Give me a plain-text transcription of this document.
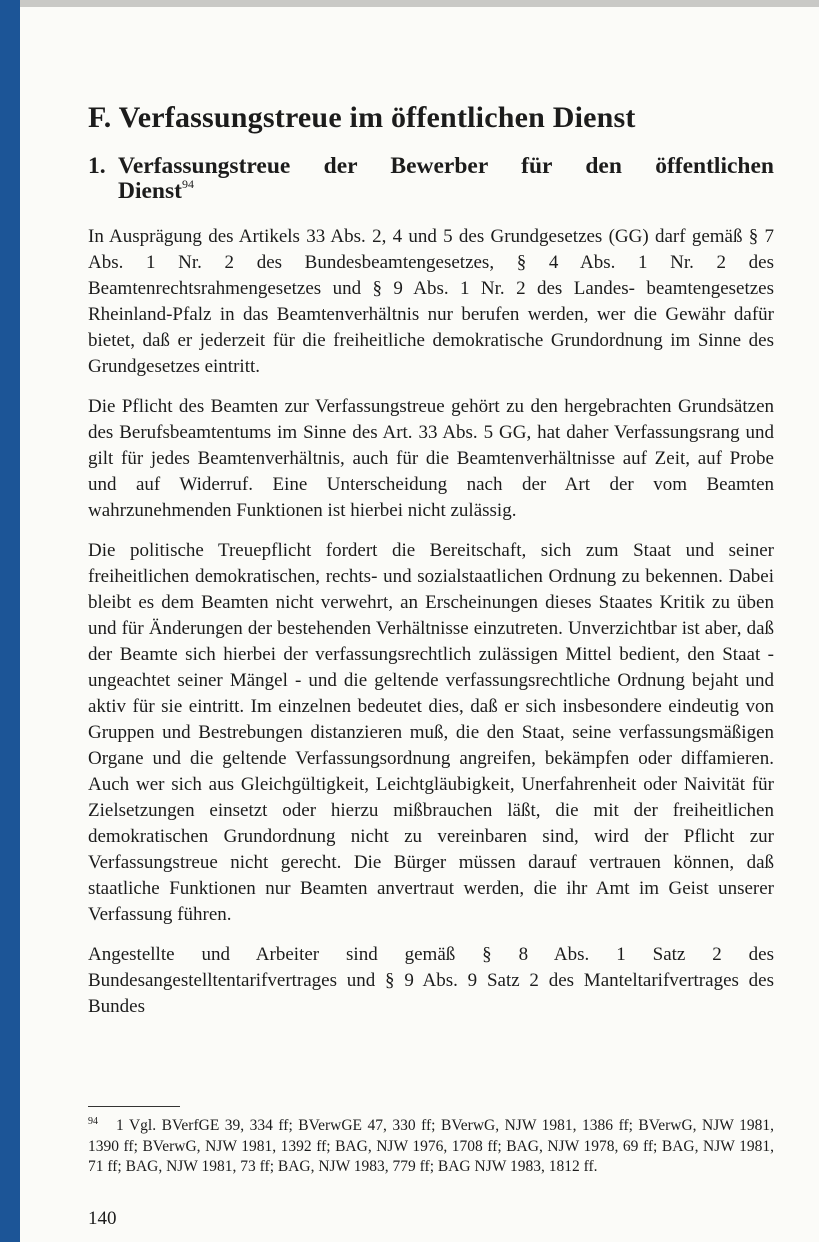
F. Verfassungstreue im öffentlichen Dienst
1. Verfassungstreue der Bewerber für den öffentlichen
Dienst$^{94}$

In Ausprägung des Artikels 33 Abs. 2, 4 und 5 des Grundgesetzes (GG) darf gemäß § 7 Abs. 1 Nr. 2 des Bundesbeamtengesetzes, § 4 Abs. 1 Nr. 2 des Beamtenrechtsrahmengesetzes und § 9 Abs. 1 Nr. 2 des Landes- beamtengesetzes Rheinland-Pfalz in das Beamtenverhältnis nur berufen werden, wer die Gewähr dafür bietet, daß er jederzeit für die freiheitliche demokratische Grundordnung im Sinne des Grundgesetzes eintritt.

Die Pflicht des Beamten zur Verfassungstreue gehört zu den hergebrachten Grundsätzen des Berufsbeamtentums im Sinne des Art. 33 Abs. 5 GG, hat daher Verfassungsrang und gilt für jedes Beamtenverhältnis, auch für die Beamtenverhältnisse auf Zeit, auf Probe und auf Widerruf. Eine Unterscheidung nach der Art der vom Beamten wahrzunehmenden Funktionen ist hierbei nicht zulässig.

Die politische Treuepflicht fordert die Bereitschaft, sich zum Staat und seiner freiheitlichen demokratischen, rechts- und sozialstaatlichen Ordnung zu bekennen. Dabei bleibt es dem Beamten nicht verwehrt, an Erscheinungen dieses Staates Kritik zu üben und für Änderungen der bestehenden Verhältnisse einzutreten. Unverzichtbar ist aber, daß der Beamte sich hierbei der verfassungsrechtlich zulässigen Mittel bedient, den Staat - ungeachtet seiner Mängel - und die geltende verfassungsrechtliche Ordnung bejaht und aktiv für sie eintritt. Im einzelnen bedeutet dies, daß er sich insbesondere eindeutig von Gruppen und Bestrebungen distanzieren muß, die den Staat, seine verfassungsmäßigen Organe und die geltende Verfassungsordnung angreifen, bekämpfen oder diffamieren. Auch wer sich aus Gleichgültigkeit, Leichtgläubigkeit, Unerfahrenheit oder Naivität für Zielsetzungen einsetzt oder hierzu mißbrauchen läßt, die mit der freiheitlichen demokratischen Grundordnung nicht zu vereinbaren sind, wird der Pflicht zur Verfassungstreue nicht gerecht. Die Bürger müssen darauf vertrauen können, daß staatliche Funktionen nur Beamten anvertraut werden, die ihr Amt im Geist unserer Verfassung führen.

Angestellte und Arbeiter sind gemäß § 8 Abs. 1 Satz 2 des Bundesangestelltentarifvertrages und § 9 Abs. 9 Satz 2 des Manteltarifvertrages des Bundes

$^{94}$ 1 Vgl. BVerfGE 39, 334 ff; BVerwGE 47, 330 ff; BVerwG, NJW 1981, 1386 ff; BVerwG, NJW 1981, 1390 ff; BVerwG, NJW 1981, 1392 ff; BAG, NJW 1976, 1708 ff; BAG, NJW 1978, 69 ff; BAG, NJW 1981, 71 ff; BAG, NJW 1981, 73 ff; BAG, NJW 1983, 779 ff; BAG NJW 1983, 1812 ff.
140
